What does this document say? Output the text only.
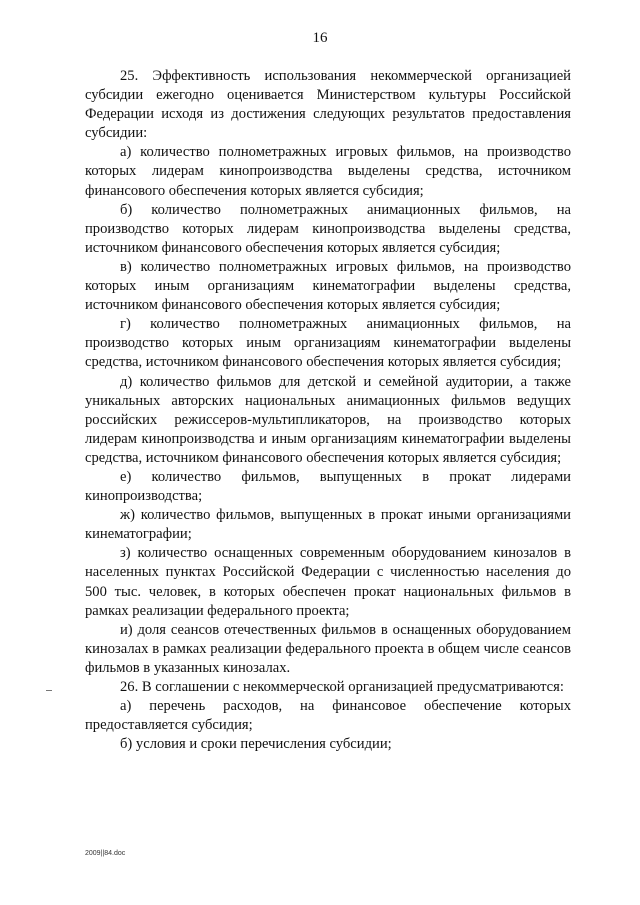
16

25. Эффективность использования некоммерческой организацией субсидии ежегодно оценивается Министерством культуры Российской Федерации исходя из достижения следующих результатов предоставления субсидии:

а) количество полнометражных игровых фильмов, на производство которых лидерам кинопроизводства выделены средства, источником финансового обеспечения которых является субсидия;

б) количество полнометражных анимационных фильмов, на производство которых лидерам кинопроизводства выделены средства, источником финансового обеспечения которых является субсидия;

в) количество полнометражных игровых фильмов, на производство которых иным организациям кинематографии выделены средства, источником финансового обеспечения которых является субсидия;

г) количество полнометражных анимационных фильмов, на производство которых иным организациям кинематографии выделены средства, источником финансового обеспечения которых является субсидия;

д) количество фильмов для детской и семейной аудитории, а также уникальных авторских национальных анимационных фильмов ведущих российских режиссеров-мультипликаторов, на производство которых лидерам кинопроизводства и иным организациям кинематографии выделены средства, источником финансового обеспечения которых является субсидия;

е) количество фильмов, выпущенных в прокат лидерами кинопроизводства;

ж) количество фильмов, выпущенных в прокат иными организациями кинематографии;

з) количество оснащенных современным оборудованием кинозалов в населенных пунктах Российской Федерации с численностью населения до 500 тыс. человек, в которых обеспечен прокат национальных фильмов в рамках реализации федерального проекта;

и) доля сеансов отечественных фильмов в оснащенных оборудованием кинозалах в рамках реализации федерального проекта в общем числе сеансов фильмов в указанных кинозалах.

26. В соглашении с некоммерческой организацией предусматриваются:

а) перечень расходов, на финансовое обеспечение которых предоставляется субсидия;

б) условия и сроки перечисления субсидии;

2009||84.doc
